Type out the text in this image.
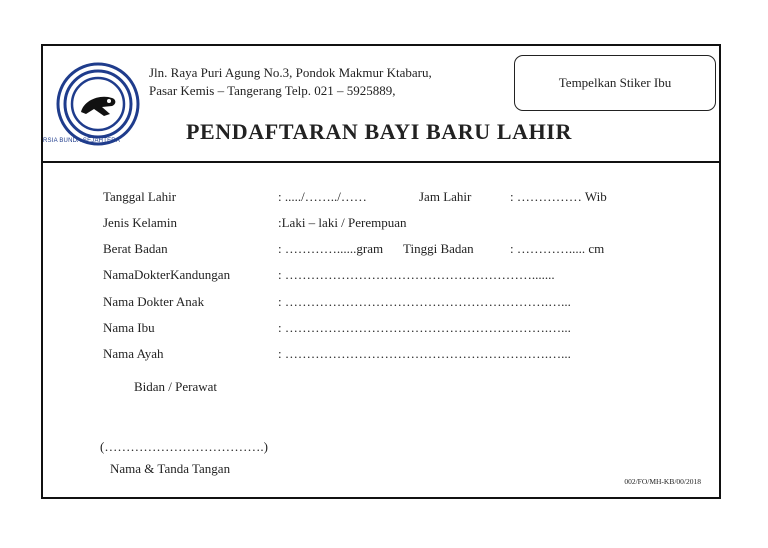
RSIA BUNDA SEJAHTERA
Jln. Raya Puri Agung No.3, Pondok Makmur Ktabaru,
Pasar Kemis – Tangerang Telp. 021 – 5925889,
PENDAFTARAN BAYI BARU LAHIR
Tempelkan Stiker Ibu
Tanggal Lahir	: ...../……../……	Jam Lahir	: …………… Wib
Jenis Kelamin	:Laki – laki / Perempuan
Berat Badan	: …………......gram Tinggi Badan	: …………..... cm
NamaDokterKandungan	: ………………………………………………….......
Nama Dokter Anak	: …………………………………………………….…...
Nama Ibu	: …………………………………………………….…...
Nama Ayah	: …………………………………………………….…...
Bidan / Perawat
(……………………………….)
Nama & Tanda Tangan
002/FO/MH-KB/00/2018
